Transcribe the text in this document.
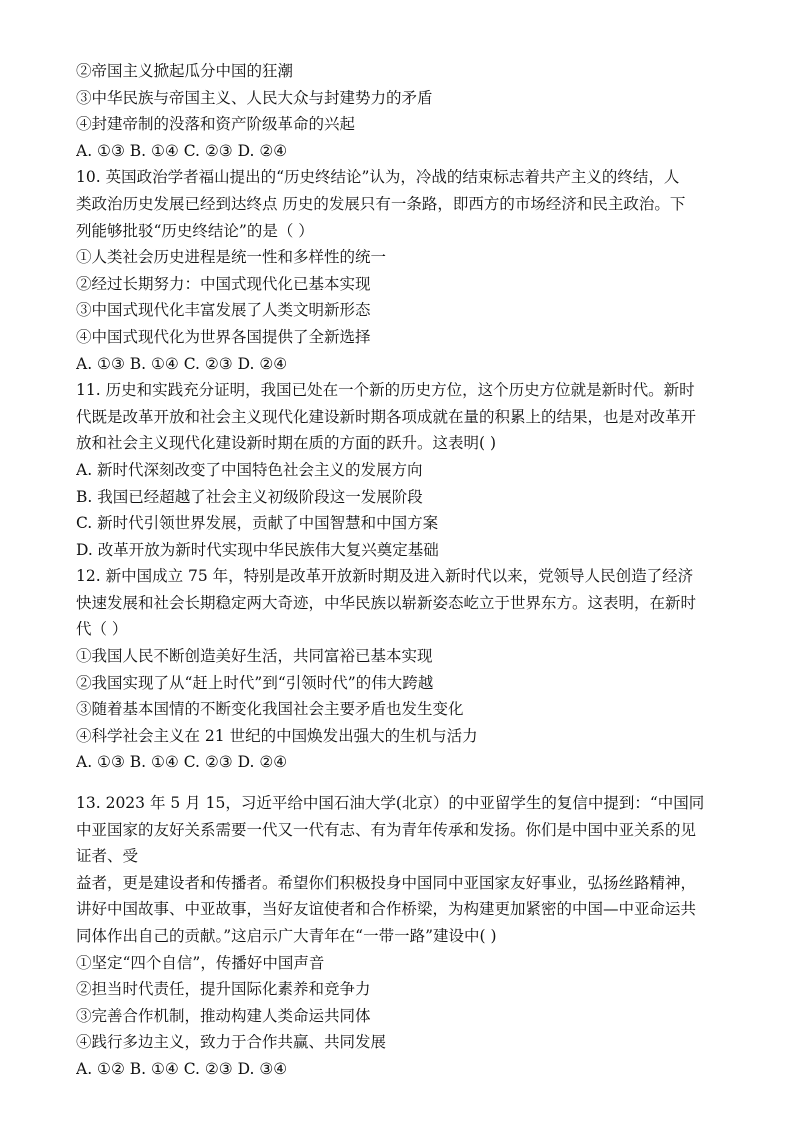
②帝国主义掀起瓜分中国的狂潮
③中华民族与帝国主义、人民大众与封建势力的矛盾
④封建帝制的没落和资产阶级革命的兴起
A. ①③ B. ①④ C. ②③ D. ②④
10. 英国政治学者福山提出的“历史终结论”认为，冷战的结束标志着共产主义的终结，人
类政治历史发展已经到达终点 历史的发展只有一条路，即西方的市场经济和民主政治。下
列能够批驳“历史终结论”的是（ ）
①人类社会历史进程是统一性和多样性的统一
②经过长期努力：中国式现代化已基本实现
③中国式现代化丰富发展了人类文明新形态
④中国式现代化为世界各国提供了全新选择
A. ①③ B. ①④ C. ②③ D. ②④
11. 历史和实践充分证明，我国已处在一个新的历史方位，这个历史方位就是新时代。新时
代既是改革开放和社会主义现代化建设新时期各项成就在量的积累上的结果，也是对改革开
放和社会主义现代化建设新时期在质的方面的跃升。这表明( )
A. 新时代深刻改变了中国特色社会主义的发展方向
B. 我国已经超越了社会主义初级阶段这一发展阶段
C. 新时代引领世界发展，贡献了中国智慧和中国方案
D. 改革开放为新时代实现中华民族伟大复兴奠定基础
12. 新中国成立 75 年，特别是改革开放新时期及进入新时代以来，党领导人民创造了经济
快速发展和社会长期稳定两大奇迹，中华民族以崭新姿态屹立于世界东方。这表明，在新时
代（ ）
①我国人民不断创造美好生活，共同富裕已基本实现
②我国实现了从“赶上时代”到“引领时代”的伟大跨越
③随着基本国情的不断变化我国社会主要矛盾也发生变化
④科学社会主义在 21 世纪的中国焕发出强大的生机与活力
A. ①③ B. ①④ C. ②③ D. ②④
13. 2023 年 5 月 15，习近平给中国石油大学(北京）的中亚留学生的复信中提到：“中国同
中亚国家的友好关系需要一代又一代有志、有为青年传承和发扬。你们是中国中亚关系的见
证者、受
益者，更是建设者和传播者。希望你们积极投身中国同中亚国家友好事业，弘扬丝路精神，
讲好中国故事、中亚故事，当好友谊使者和合作桥梁，为构建更加紧密的中国—中亚命运共
同体作出自己的贡献。”这启示广大青年在“一带一路”建设中( )
①坚定“四个自信”，传播好中国声音
②担当时代责任，提升国际化素养和竞争力
③完善合作机制，推动构建人类命运共同体
④践行多边主义，致力于合作共赢、共同发展
A. ①② B. ①④ C. ②③ D. ③④
